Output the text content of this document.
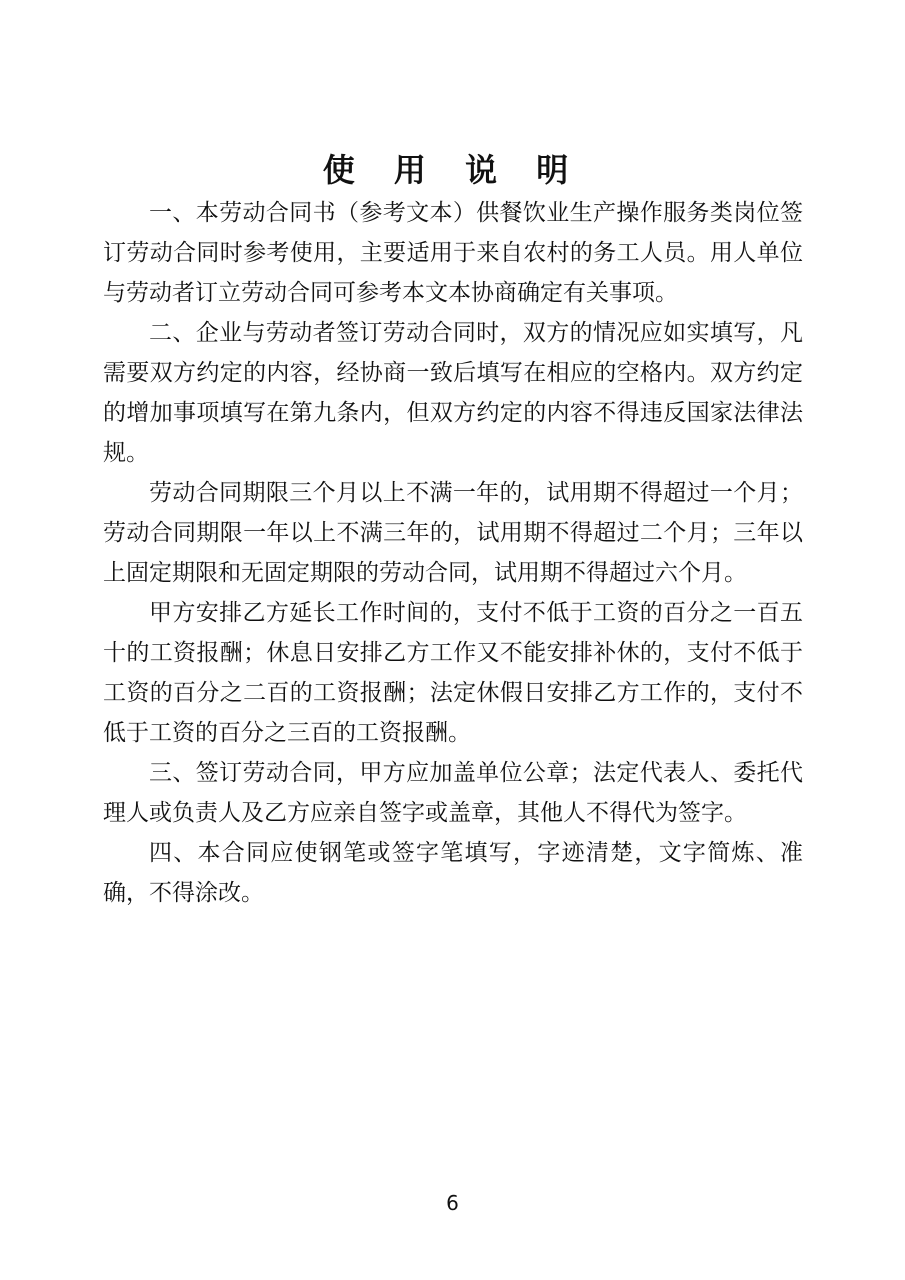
使 用 说 明

一、本劳动合同书（参考文本）供餐饮业生产操作服务类岗位签订劳动合同时参考使用，主要适用于来自农村的务工人员。用人单位与劳动者订立劳动合同可参考本文本协商确定有关事项。

二、企业与劳动者签订劳动合同时，双方的情况应如实填写，凡需要双方约定的内容，经协商一致后填写在相应的空格内。双方约定的增加事项填写在第九条内，但双方约定的内容不得违反国家法律法规。

劳动合同期限三个月以上不满一年的，试用期不得超过一个月；劳动合同期限一年以上不满三年的，试用期不得超过二个月；三年以上固定期限和无固定期限的劳动合同，试用期不得超过六个月。

甲方安排乙方延长工作时间的，支付不低于工资的百分之一百五十的工资报酬；休息日安排乙方工作又不能安排补休的，支付不低于工资的百分之二百的工资报酬；法定休假日安排乙方工作的，支付不低于工资的百分之三百的工资报酬。

三、签订劳动合同，甲方应加盖单位公章；法定代表人、委托代理人或负责人及乙方应亲自签字或盖章，其他人不得代为签字。

四、本合同应使钢笔或签字笔填写，字迹清楚，文字简炼、准确，不得涂改。

6
